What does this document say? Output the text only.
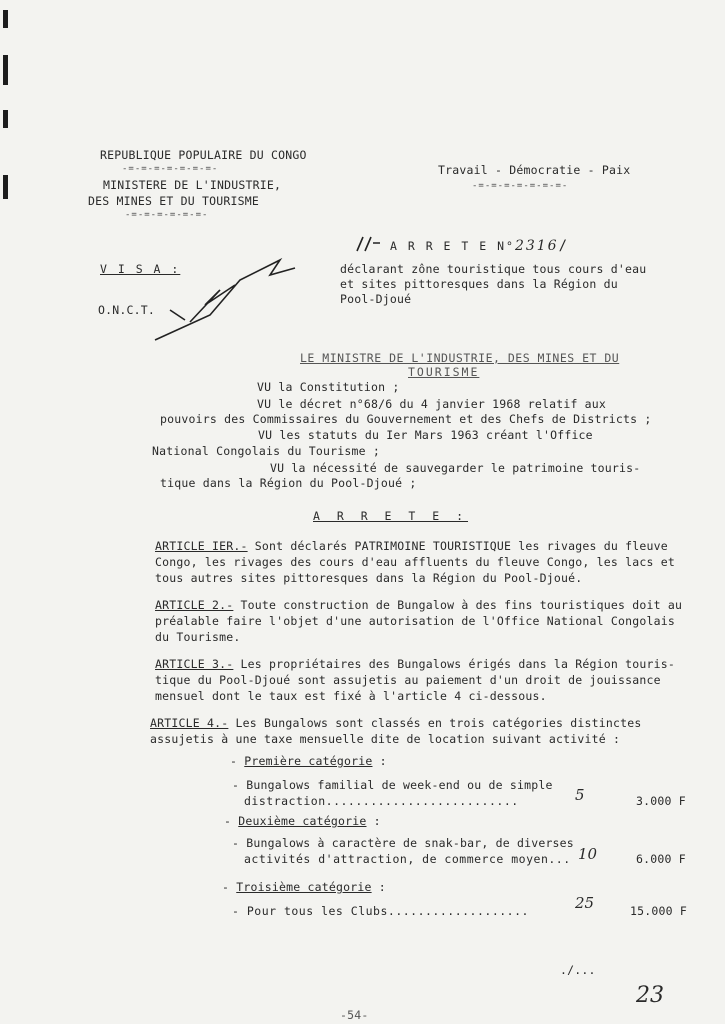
REPUBLIQUE POPULAIRE DU CONGO
-=-=-=-=-=-=-=-
MINISTERE DE L'INDUSTRIE,
DES MINES ET DU TOURISME
-=-=-=-=-=-=-
Travail - Démocratie - Paix
-=-=-=-=-=-=-=-
V I S A :
O.N.C.T.
A R R E T E N°2316/
déclarant zône touristique tous cours d'eau
et sites pittoresques dans la Région du
Pool-Djoué
LE MINISTRE DE L'INDUSTRIE, DES MINES ET DU
TOURISME
VU la Constitution ;
VU le décret n°68/6 du 4 janvier 1968 relatif aux
pouvoirs des Commissaires du Gouvernement et des Chefs de Districts ;
VU les statuts du Ier Mars 1963 créant l'Office
National Congolais du Tourisme ;
VU la nécessité de sauvegarder le patrimoine touris-
tique dans la Région du Pool-Djoué ;
A R R E T E :
ARTICLE IER.- Sont déclarés PATRIMOINE TOURISTIQUE les rivages du fleuve
Congo, les rivages des cours d'eau affluents du fleuve Congo, les lacs et
tous autres sites pittoresques dans la Région du Pool-Djoué.
ARTICLE 2.- Toute construction de Bungalow à des fins touristiques doit au
préalable faire l'objet d'une autorisation de l'Office National Congolais
du Tourisme.
ARTICLE 3.- Les propriétaires des Bungalows érigés dans la Région touris-
tique du Pool-Djoué sont assujetis au paiement d'un droit de jouissance
mensuel dont le taux est fixé à l'article 4 ci-dessous.
ARTICLE 4.- Les Bungalows sont classés en trois catégories distinctes
assujetis à une taxe mensuelle dite de location suivant activité :
- Première catégorie :
- Bungalows familial de week-end ou de simple
distraction..........................	5	3.000 F
- Deuxième catégorie :
- Bungalows à caractère de snak-bar, de diverses
activités d'attraction, de commerce moyen... 10	6.000 F
- Troisième catégorie :
- Pour tous les Clubs...................	25	15.000 F
./...
23
-54-
